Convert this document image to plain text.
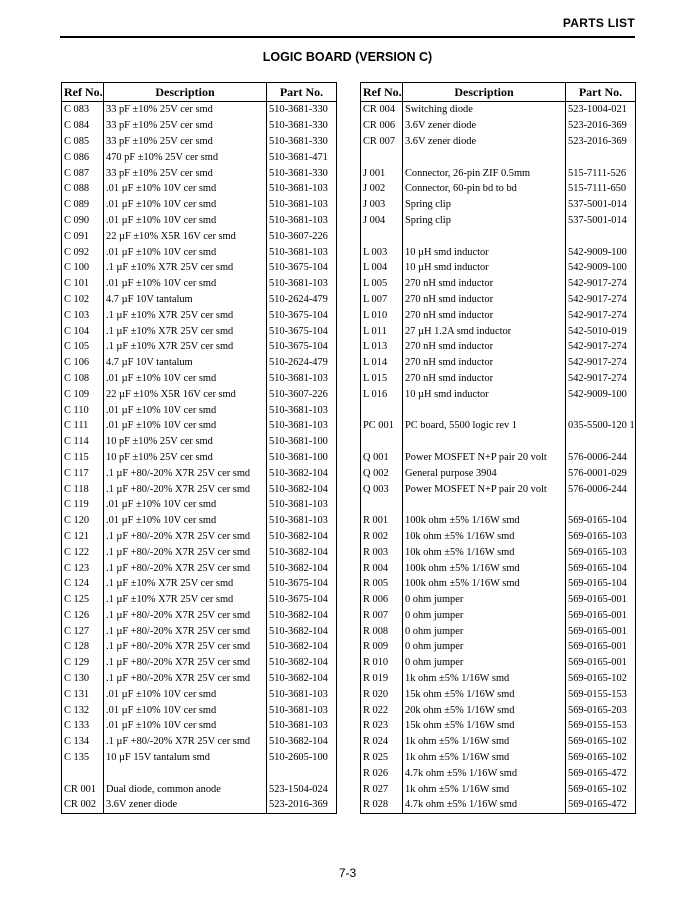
PARTS LIST
LOGIC BOARD (VERSION C)
Ref No.	Description	Part No.
C 083	33 pF ±10% 25V cer smd	510-3681-330
C 084	33 pF ±10% 25V cer smd	510-3681-330
C 085	33 pF ±10% 25V cer smd	510-3681-330
C 086	470 pF ±10% 25V cer smd	510-3681-471
C 087	33 pF ±10% 25V cer smd	510-3681-330
C 088	.01 µF ±10% 10V cer smd	510-3681-103
C 089	.01 µF ±10% 10V cer smd	510-3681-103
C 090	.01 µF ±10% 10V cer smd	510-3681-103
C 091	22 µF ±10% X5R 16V cer smd	510-3607-226
C 092	.01 µF ±10% 10V cer smd	510-3681-103
C 100	.1 µF ±10% X7R 25V cer smd	510-3675-104
C 101	.01 µF ±10% 10V cer smd	510-3681-103
C 102	4.7 µF 10V tantalum	510-2624-479
C 103	.1 µF ±10% X7R 25V cer smd	510-3675-104
C 104	.1 µF ±10% X7R 25V cer smd	510-3675-104
C 105	.1 µF ±10% X7R 25V cer smd	510-3675-104
C 106	4.7 µF 10V tantalum	510-2624-479
C 108	.01 µF ±10% 10V cer smd	510-3681-103
C 109	22 µF ±10% X5R 16V cer smd	510-3607-226
C 110	.01 µF ±10% 10V cer smd	510-3681-103
C 111	.01 µF ±10% 10V cer smd	510-3681-103
C 114	10 pF ±10% 25V cer smd	510-3681-100
C 115	10 pF ±10% 25V cer smd	510-3681-100
C 117	.1 µF +80/-20% X7R 25V cer smd	510-3682-104
C 118	.1 µF +80/-20% X7R 25V cer smd	510-3682-104
C 119	.01 µF ±10% 10V cer smd	510-3681-103
C 120	.01 µF ±10% 10V cer smd	510-3681-103
C 121	.1 µF +80/-20% X7R 25V cer smd	510-3682-104
C 122	.1 µF +80/-20% X7R 25V cer smd	510-3682-104
C 123	.1 µF +80/-20% X7R 25V cer smd	510-3682-104
C 124	.1 µF ±10% X7R 25V cer smd	510-3675-104
C 125	.1 µF ±10% X7R 25V cer smd	510-3675-104
C 126	.1 µF +80/-20% X7R 25V cer smd	510-3682-104
C 127	.1 µF +80/-20% X7R 25V cer smd	510-3682-104
C 128	.1 µF +80/-20% X7R 25V cer smd	510-3682-104
C 129	.1 µF +80/-20% X7R 25V cer smd	510-3682-104
C 130	.1 µF +80/-20% X7R 25V cer smd	510-3682-104
C 131	.01 µF ±10% 10V cer smd	510-3681-103
C 132	.01 µF ±10% 10V cer smd	510-3681-103
C 133	.01 µF ±10% 10V cer smd	510-3681-103
C 134	.1 µF +80/-20% X7R 25V cer smd	510-3682-104
C 135	10 µF 15V tantalum smd	510-2605-100

CR 001	Dual diode, common anode	523-1504-024
CR 002	3.6V zener diode	523-2016-369
Ref No.	Description	Part No.
CR 004	Switching diode	523-1004-021
CR 006	3.6V zener diode	523-2016-369
CR 007	3.6V zener diode	523-2016-369

J 001	Connector, 26-pin ZIF 0.5mm	515-7111-526
J 002	Connector, 60-pin bd to bd	515-7111-650
J 003	Spring clip	537-5001-014
J 004	Spring clip	537-5001-014

L 003	10 µH smd inductor	542-9009-100
L 004	10 µH smd inductor	542-9009-100
L 005	270 nH smd inductor	542-9017-274
L 007	270 nH smd inductor	542-9017-274
L 010	270 nH smd inductor	542-9017-274
L 011	27 µH 1.2A smd inductor	542-5010-019
L 013	270 nH smd inductor	542-9017-274
L 014	270 nH smd inductor	542-9017-274
L 015	270 nH smd inductor	542-9017-274
L 016	10 µH smd inductor	542-9009-100

PC 001	PC board, 5500 logic rev 1	035-5500-120 1

Q 001	Power MOSFET N+P pair 20 volt	576-0006-244
Q 002	General purpose 3904	576-0001-029
Q 003	Power MOSFET N+P pair 20 volt	576-0006-244

R 001	100k ohm ±5% 1/16W smd	569-0165-104
R 002	10k ohm ±5% 1/16W smd	569-0165-103
R 003	10k ohm ±5% 1/16W smd	569-0165-103
R 004	100k ohm ±5% 1/16W smd	569-0165-104
R 005	100k ohm ±5% 1/16W smd	569-0165-104
R 006	0 ohm jumper	569-0165-001
R 007	0 ohm jumper	569-0165-001
R 008	0 ohm jumper	569-0165-001
R 009	0 ohm jumper	569-0165-001
R 010	0 ohm jumper	569-0165-001
R 019	1k ohm ±5% 1/16W smd	569-0165-102
R 020	15k ohm ±5% 1/16W smd	569-0155-153
R 022	20k ohm ±5% 1/16W smd	569-0165-203
R 023	15k ohm ±5% 1/16W smd	569-0155-153
R 024	1k ohm ±5% 1/16W smd	569-0165-102
R 025	1k ohm ±5% 1/16W smd	569-0165-102
R 026	4.7k ohm ±5% 1/16W smd	569-0165-472
R 027	1k ohm ±5% 1/16W smd	569-0165-102
R 028	4.7k ohm ±5% 1/16W smd	569-0165-472
7-3
